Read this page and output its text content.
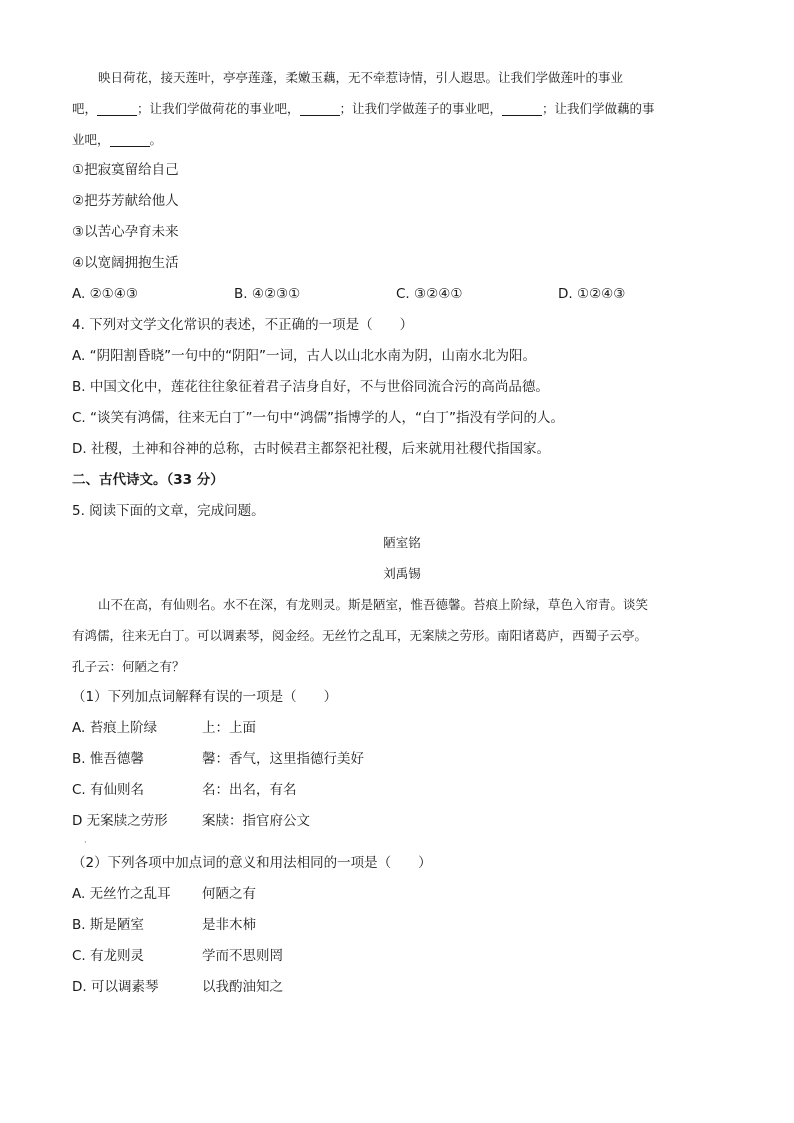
映日荷花，接天莲叶，亭亭莲蓬，柔嫩玉藕，无不牵惹诗情，引人遐思。让我们学做莲叶的事业
吧，	；让我们学做荷花的事业吧，	；让我们学做莲子的事业吧，	；让我们学做藕的事
业吧，	。
①把寂寞留给自己
②把芬芳献给他人
③以苦心孕育未来
④以宽阔拥抱生活
A. ②①④③	B. ④②③①	C. ③②④①	D. ①②④③
4. 下列对文学文化常识的表述，不正确的一项是（　　）
A. “阴阳割昏晓”一句中的“阴阳”一词，古人以山北水南为阴，山南水北为阳。
B. 中国文化中，莲花往往象征着君子洁身自好，不与世俗同流合污的高尚品德。
C. “谈笑有鸿儒，往来无白丁”一句中“鸿儒”指博学的人，“白丁”指没有学问的人。
D. 社稷，土神和谷神的总称，古时候君主都祭祀社稷，后来就用社稷代指国家。
二、古代诗文。（33 分）
5. 阅读下面的文章，完成问题。
陋室铭
刘禹锡
山不在高，有仙则名。水不在深，有龙则灵。斯是陋室，惟吾德馨。苔痕上阶绿，草色入帘青。谈笑
有鸿儒，往来无白丁。可以调素琴，阅金经。无丝竹之乱耳，无案牍之劳形。南阳诸葛庐，西蜀子云亭。
孔子云：何陋之有？
（1）下列加点词解释有误的一项是（　　）
A. 苔痕上阶绿	上：上面
B. 惟吾德馨	馨：香气，这里指德行美好
C. 有仙则名	名：出名，有名
D 无案牍之劳形	案牍：指官府公文
（2）下列各项中加点词的意义和用法相同的一项是（　　）
A. 无丝竹之乱耳	何陋之有
B. 斯是陋室	是非木柿
C. 有龙则灵	学而不思则罔
D. 可以调素琴	以我酌油知之
·
